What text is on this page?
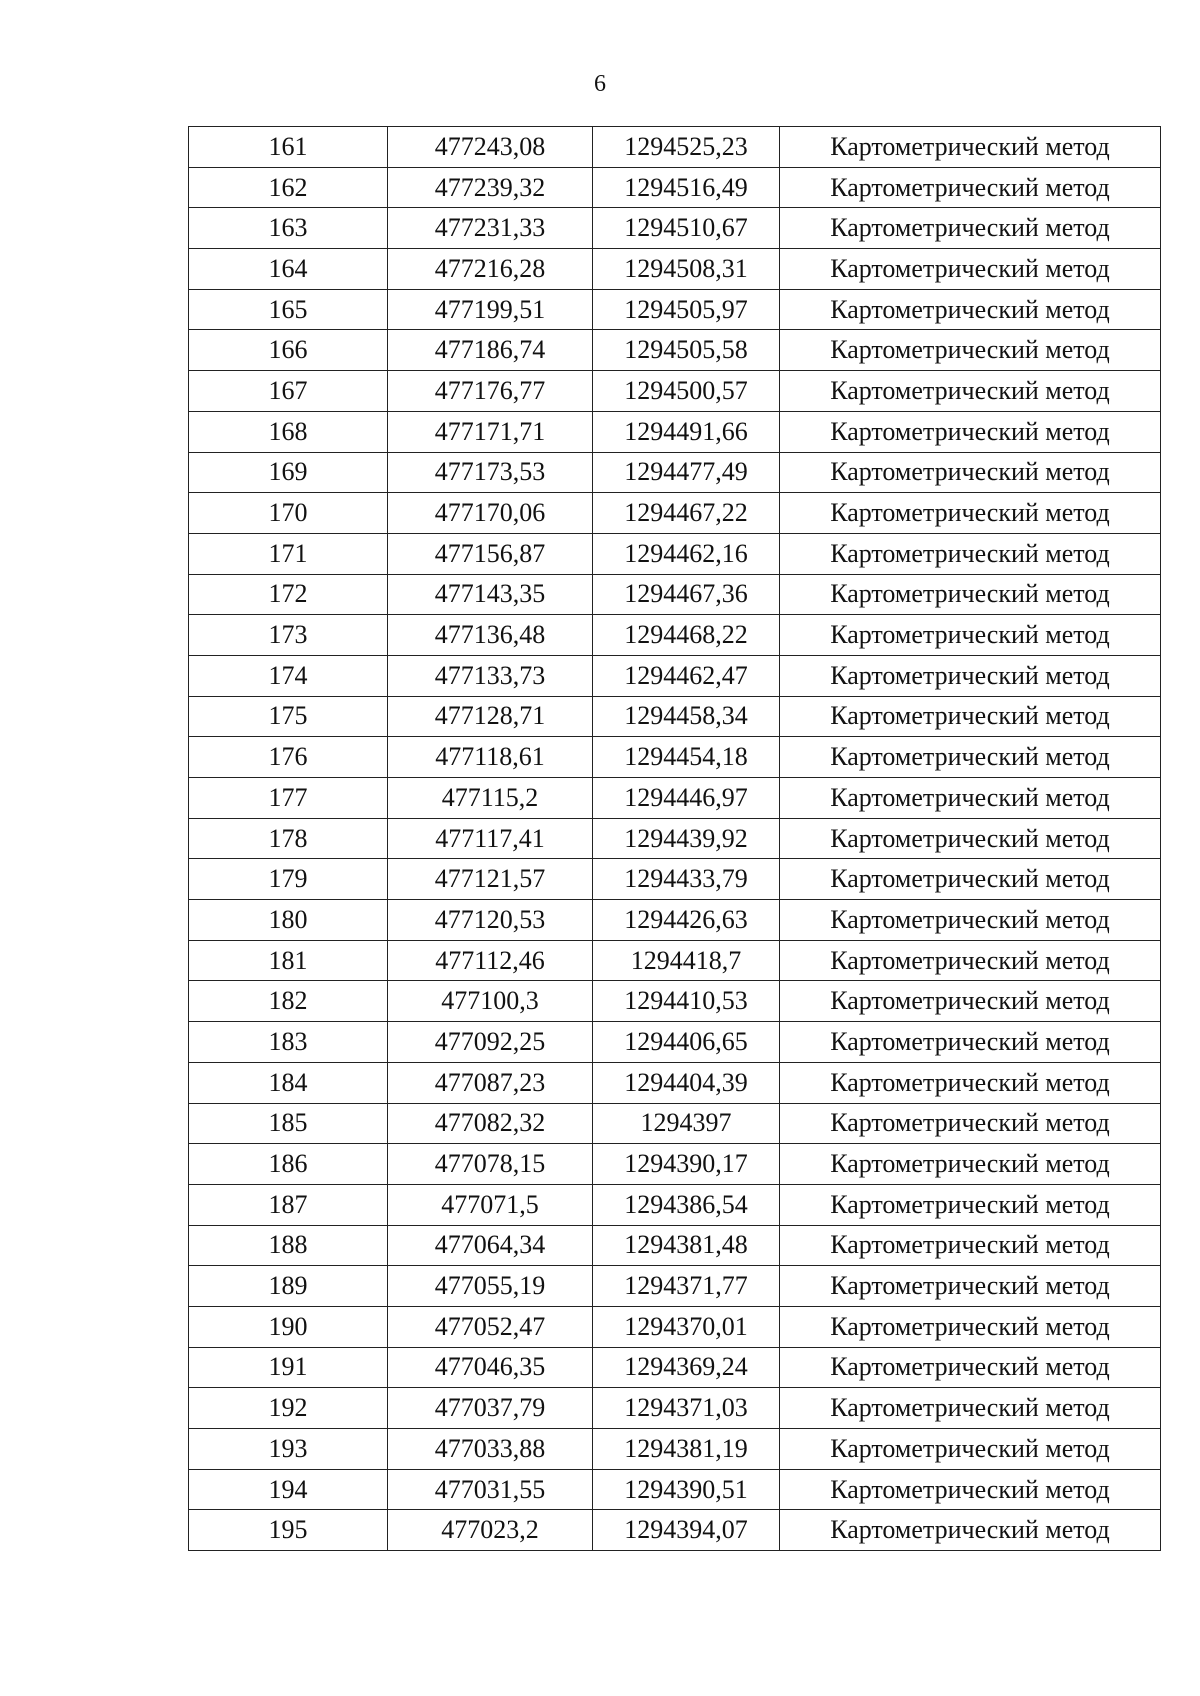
6
161	477243,08	1294525,23	Картометрический метод
162	477239,32	1294516,49	Картометрический метод
163	477231,33	1294510,67	Картометрический метод
164	477216,28	1294508,31	Картометрический метод
165	477199,51	1294505,97	Картометрический метод
166	477186,74	1294505,58	Картометрический метод
167	477176,77	1294500,57	Картометрический метод
168	477171,71	1294491,66	Картометрический метод
169	477173,53	1294477,49	Картометрический метод
170	477170,06	1294467,22	Картометрический метод
171	477156,87	1294462,16	Картометрический метод
172	477143,35	1294467,36	Картометрический метод
173	477136,48	1294468,22	Картометрический метод
174	477133,73	1294462,47	Картометрический метод
175	477128,71	1294458,34	Картометрический метод
176	477118,61	1294454,18	Картометрический метод
177	477115,2	1294446,97	Картометрический метод
178	477117,41	1294439,92	Картометрический метод
179	477121,57	1294433,79	Картометрический метод
180	477120,53	1294426,63	Картометрический метод
181	477112,46	1294418,7	Картометрический метод
182	477100,3	1294410,53	Картометрический метод
183	477092,25	1294406,65	Картометрический метод
184	477087,23	1294404,39	Картометрический метод
185	477082,32	1294397	Картометрический метод
186	477078,15	1294390,17	Картометрический метод
187	477071,5	1294386,54	Картометрический метод
188	477064,34	1294381,48	Картометрический метод
189	477055,19	1294371,77	Картометрический метод
190	477052,47	1294370,01	Картометрический метод
191	477046,35	1294369,24	Картометрический метод
192	477037,79	1294371,03	Картометрический метод
193	477033,88	1294381,19	Картометрический метод
194	477031,55	1294390,51	Картометрический метод
195	477023,2	1294394,07	Картометрический метод
